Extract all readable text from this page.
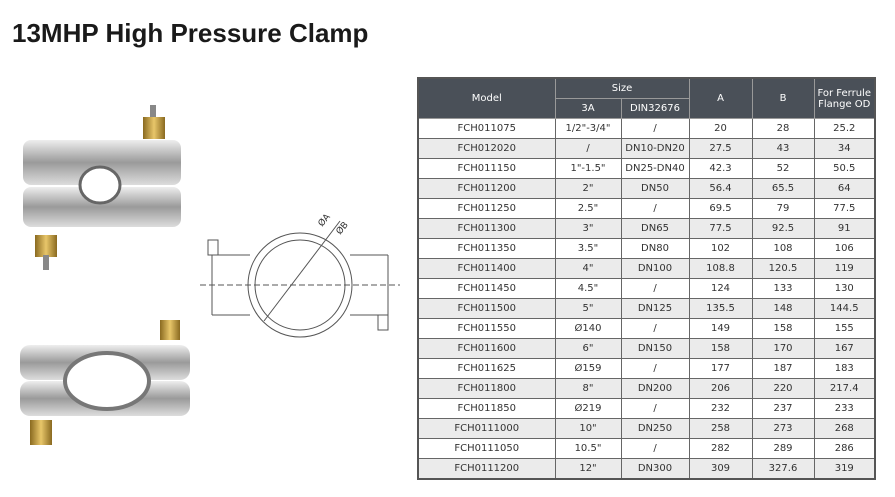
13MHP High Pressure Clamp
ØA ØB
Model	Size		A	B	For Ferrule Flange OD
	3A	DIN32676			
FCH011075	1/2"-3/4"	/	20	28	25.2
FCH012020	/	DN10-DN20	27.5	43	34
FCH011150	1"-1.5"	DN25-DN40	42.3	52	50.5
FCH011200	2"	DN50	56.4	65.5	64
FCH011250	2.5"	/	69.5	79	77.5
FCH011300	3"	DN65	77.5	92.5	91
FCH011350	3.5"	DN80	102	108	106
FCH011400	4"	DN100	108.8	120.5	119
FCH011450	4.5"	/	124	133	130
FCH011500	5"	DN125	135.5	148	144.5
FCH011550	Ø140	/	149	158	155
FCH011600	6"	DN150	158	170	167
FCH011625	Ø159	/	177	187	183
FCH011800	8"	DN200	206	220	217.4
FCH011850	Ø219	/	232	237	233
FCH0111000	10"	DN250	258	273	268
FCH0111050	10.5"	/	282	289	286
FCH0111200	12"	DN300	309	327.6	319
